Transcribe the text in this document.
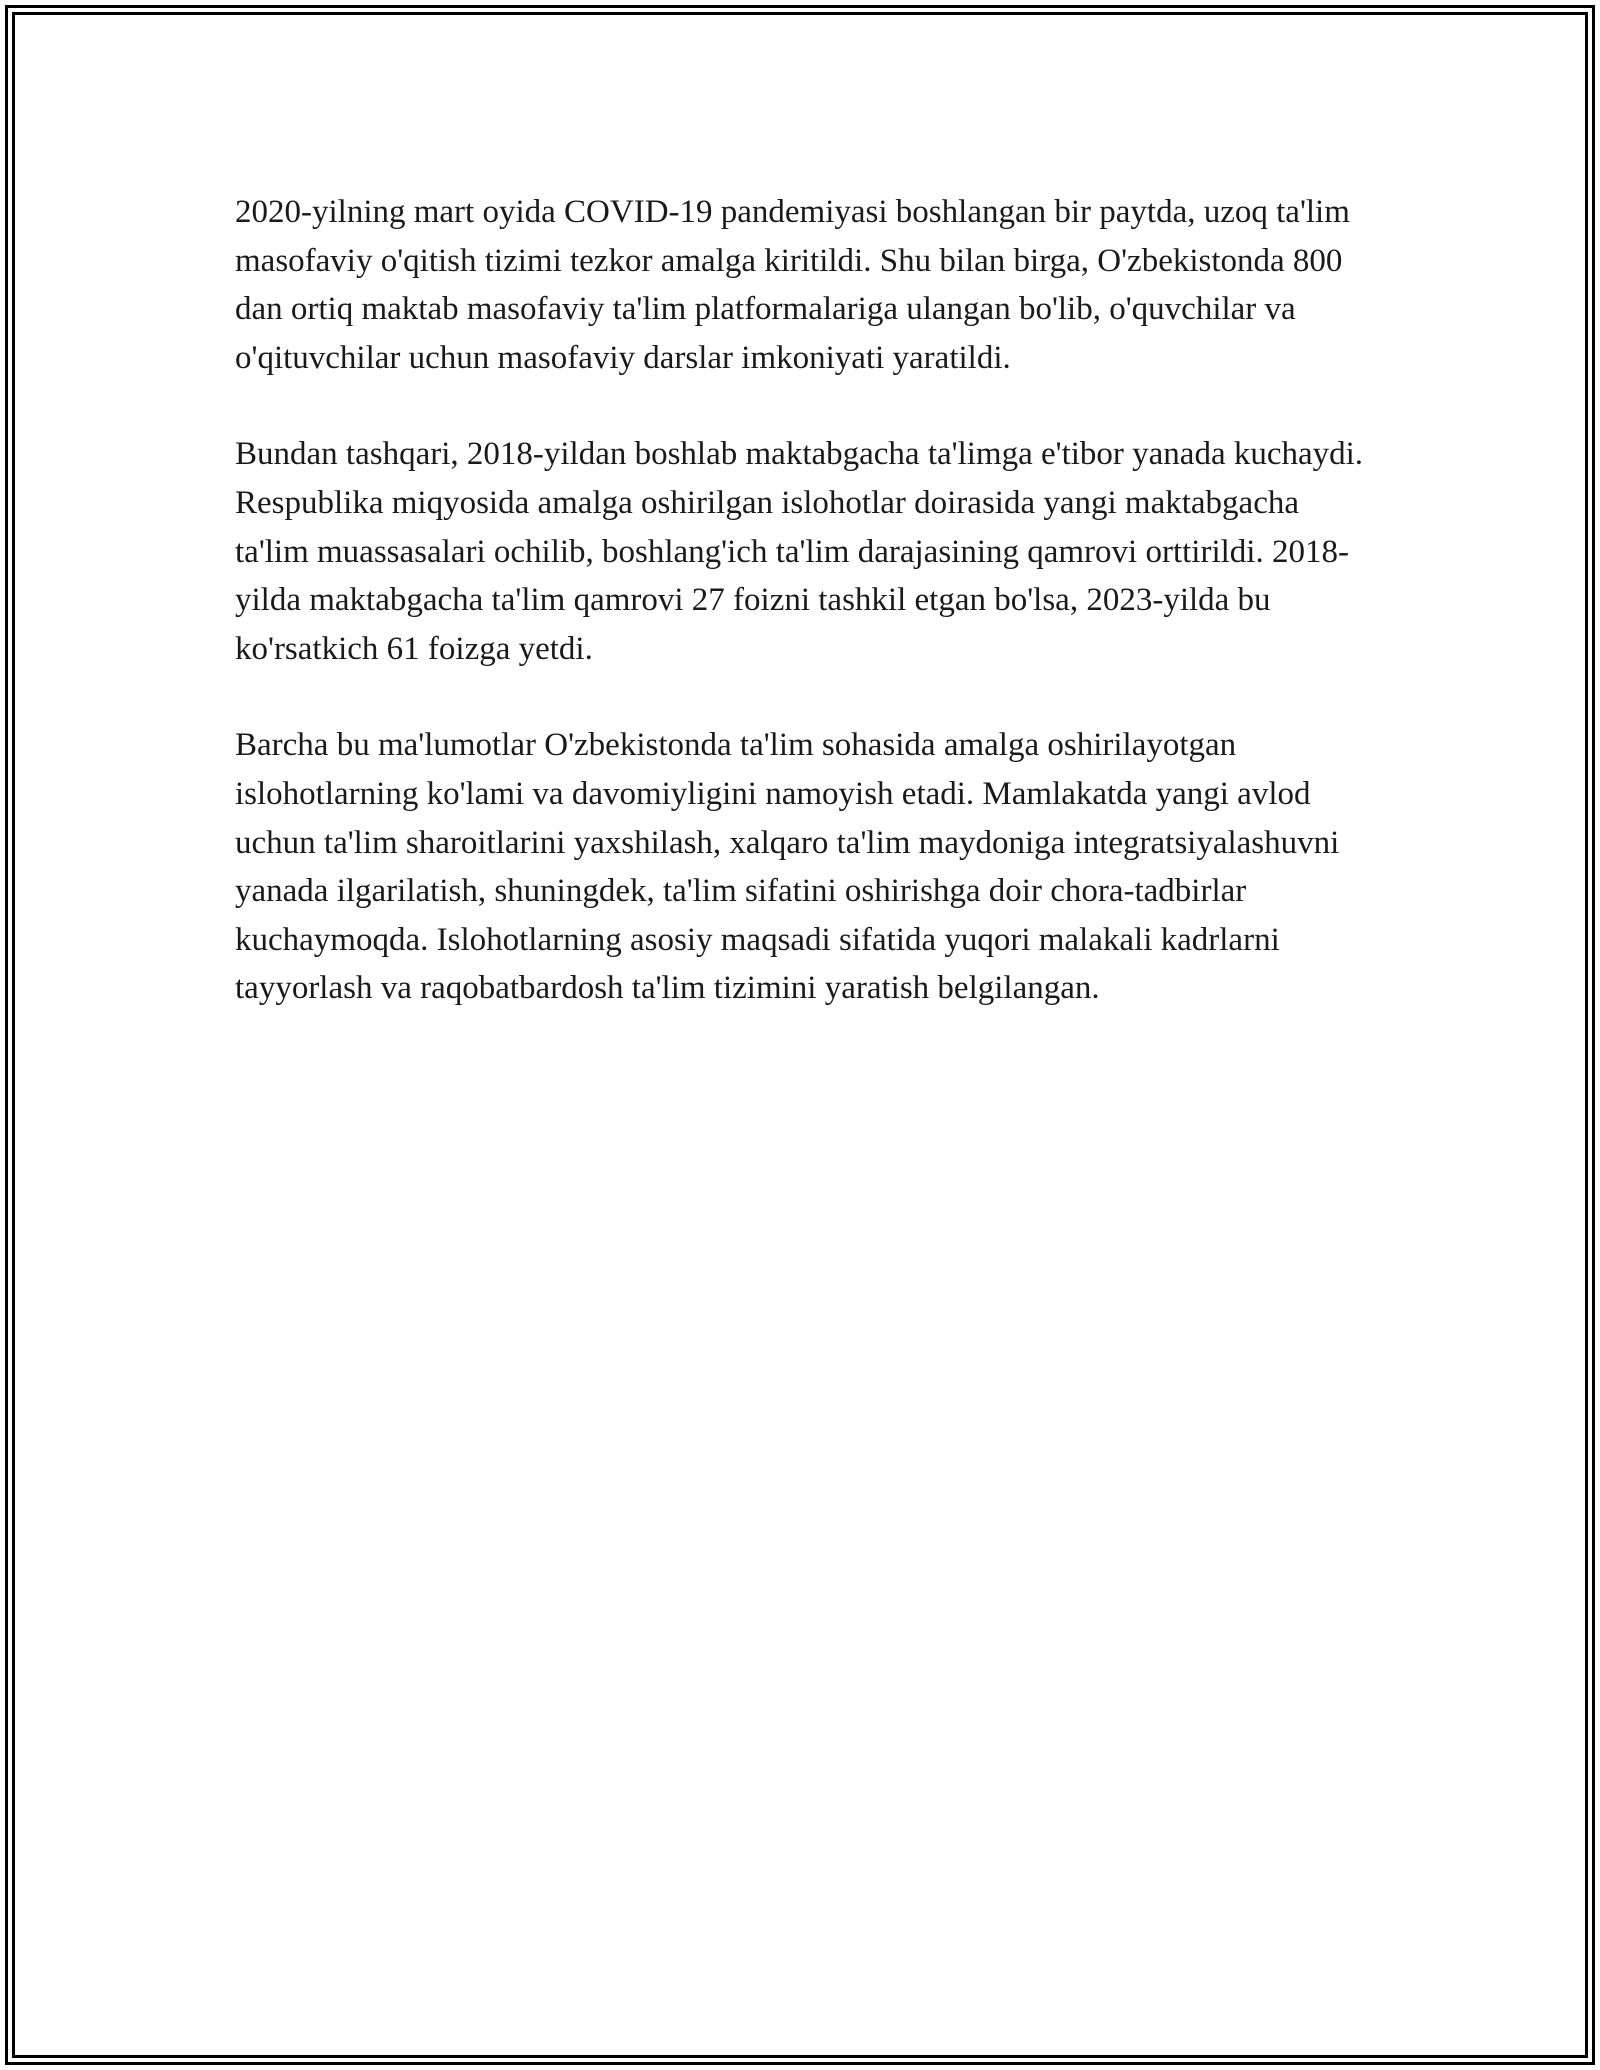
2020-yilning mart oyida COVID-19 pandemiyasi boshlangan bir paytda, uzoq ta'lim masofaviy o'qitish tizimi tezkor amalga kiritildi. Shu bilan birga, O'zbekistonda 800 dan ortiq maktab masofaviy ta'lim platformalariga ulangan bo'lib, o'quvchilar va o'qituvchilar uchun masofaviy darslar imkoniyati yaratildi.

Bundan tashqari, 2018-yildan boshlab maktabgacha ta'limga e'tibor yanada kuchaydi. Respublika miqyosida amalga oshirilgan islohotlar doirasida yangi maktabgacha ta'lim muassasalari ochilib, boshlang'ich ta'lim darajasining qamrovi orttirildi. 2018-yilda maktabgacha ta'lim qamrovi 27 foizni tashkil etgan bo'lsa, 2023-yilda bu ko'rsatkich 61 foizga yetdi.

Barcha bu ma'lumotlar O'zbekistonda ta'lim sohasida amalga oshirilayotgan islohotlarning ko'lami va davomiyligini namoyish etadi. Mamlakatda yangi avlod uchun ta'lim sharoitlarini yaxshilash, xalqaro ta'lim maydoniga integratsiyalashuvni yanada ilgarilatish, shuningdek, ta'lim sifatini oshirishga doir chora-tadbirlar kuchaymoqda. Islohotlarning asosiy maqsadi sifatida yuqori malakali kadrlarni tayyorlash va raqobatbardosh ta'lim tizimini yaratish belgilangan.
